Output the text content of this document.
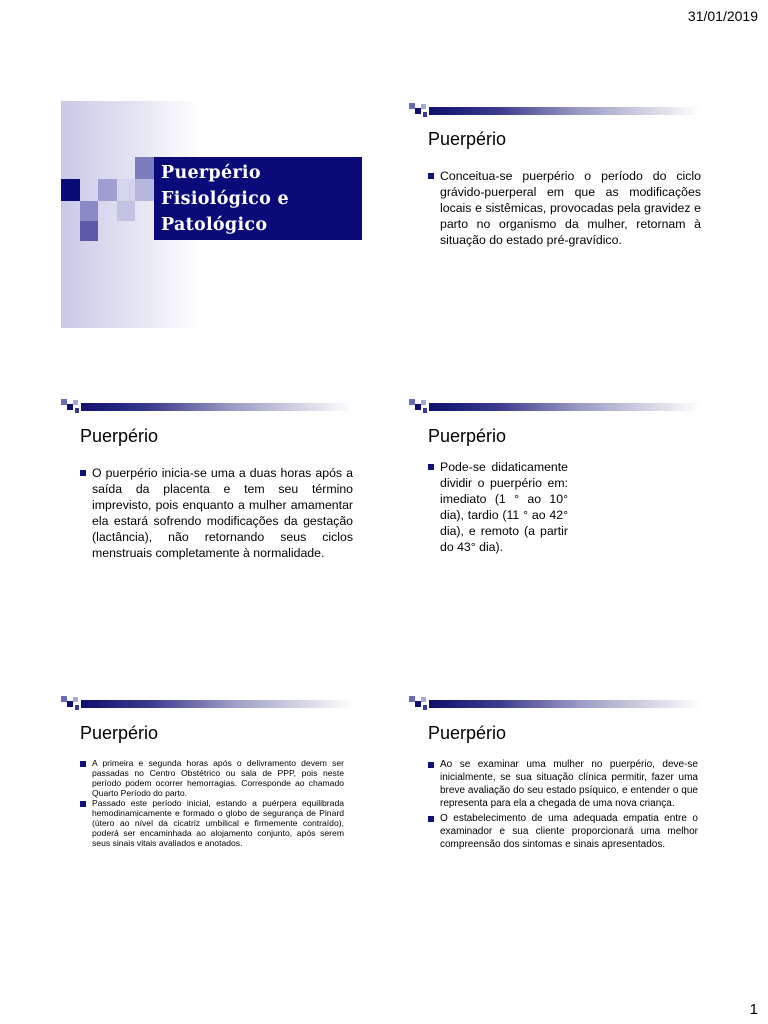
31/01/2019
Puerpério Fisiológico e Patológico
Puerpério
Conceitua-se puerpério o período do ciclo grávido-puerperal em que as modificações locais e sistêmicas, provocadas pela gravidez e parto no organismo da mulher, retornam à situação do estado pré-gravídico.
Puerpério
O puerpério inicia-se uma a duas horas após a saída da placenta e tem seu término imprevisto, pois enquanto a mulher amamentar ela estará sofrendo modificações da gestação (lactância), não retornando seus ciclos menstruais completamente à normalidade.
Puerpério
Pode-se didaticamente dividir o puerpério em: imediato (1 ° ao 10° dia), tardio (11 ° ao 42° dia), e remoto (a partir do 43° dia).
Puerpério
A primeira e segunda horas após o delivramento devem ser passadas no Centro Obstétrico ou sala de PPP, pois neste período podem ocorrer hemorragias. Corresponde ao chamado Quarto Período do parto.
Passado este período inicial, estando a puérpera equilibrada hemodinamicamente e formado o globo de segurança de Pinard (útero ao nível da cicatriz umbilical e firmemente contraído), poderá ser encaminhada ao alojamento conjunto, após serem seus sinais vitais avaliados e anotados.
Puerpério
Ao se examinar uma mulher no puerpério, deve-se inicialmente, se sua situação clínica permitir, fazer uma breve avaliação do seu estado psíquico, e entender o que representa para ela a chegada de uma nova criança.
O estabelecimento de uma adequada empatia entre o examinador e sua cliente proporcionará uma melhor compreensão dos sintomas e sinais apresentados.
1
